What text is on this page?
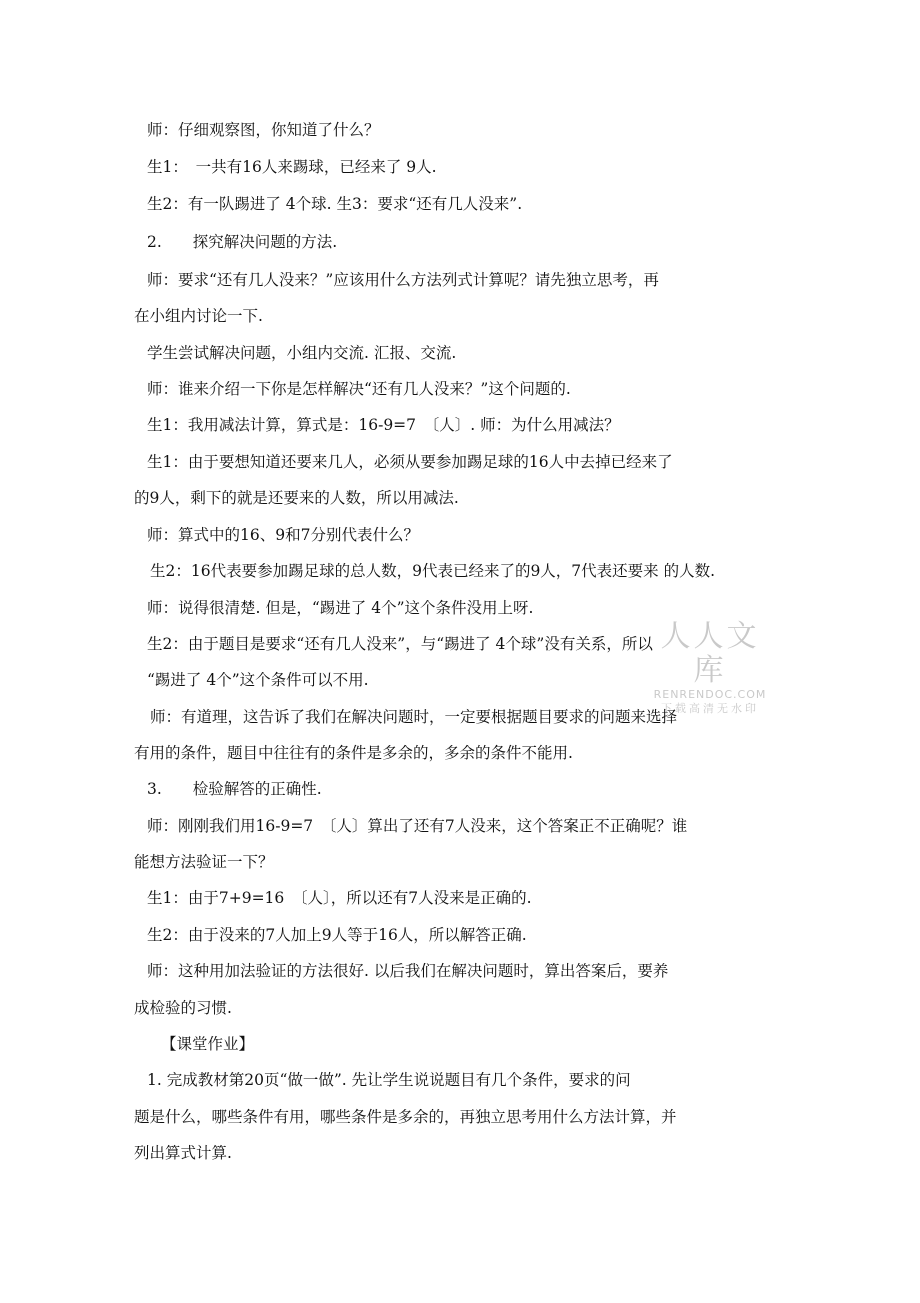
师：仔细观察图，你知道了什么？
生1：　一共有16人来踢球，已经来了 9人.
生2：有一队踢进了 4个球. 生3：要求“还有几人没来”.
2.　　探究解决问题的方法.
师：要求“还有几人没来？”应该用什么方法列式计算呢？请先独立思考，再
在小组内讨论一下.
学生尝试解决问题，小组内交流. 汇报、交流.
师：谁来介绍一下你是怎样解决“还有几人没来？”这个问题的.
生1：我用减法计算，算式是：16-9=7　〔人〕. 师：为什么用减法？
生1：由于要想知道还要来几人，必须从要参加踢足球的16人中去掉已经来了
的9人，剩下的就是还要来的人数，所以用减法.
师：算式中的16、9和7分别代表什么？
生2：16代表要参加踢足球的总人数，9代表已经来了的9人，7代表还要来 的人数.
师：说得很清楚. 但是，“踢进了 4个”这个条件没用上呀.
生2：由于题目是要求“还有几人没来”，与“踢进了 4个球”没有关系，所以
“踢进了 4个”这个条件可以不用.
师：有道理，这告诉了我们在解决问题时，一定要根据题目要求的问题来选择
有用的条件，题目中往往有的条件是多余的，多余的条件不能用.
3.　　检验解答的正确性.
师：刚刚我们用16-9=7　〔人〕算出了还有7人没来，这个答案正不正确呢？谁
能想方法验证一下？
生1：由于7+9=16　〔人〕，所以还有7人没来是正确的.
生2：由于没来的7人加上9人等于16人，所以解答正确.
师：这种用加法验证的方法很好. 以后我们在解决问题时，算出答案后，要养
成检验的习惯.
【课堂作业】
1. 完成教材第20页“做一做”. 先让学生说说题目有几个条件，要求的问
题是什么，哪些条件有用，哪些条件是多余的，再独立思考用什么方法计算，并
列出算式计算.
人人文库
RENRENDOC.COM
下载高清无水印
